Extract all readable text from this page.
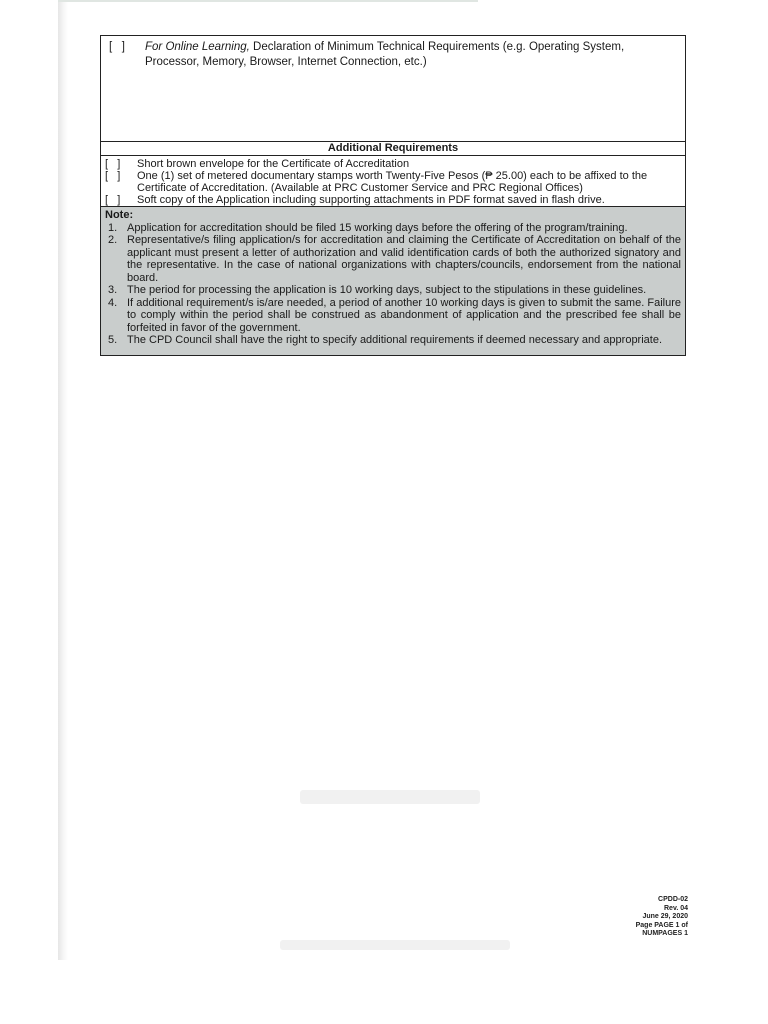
[   ]	For Online Learning, Declaration of Minimum Technical Requirements (e.g. Operating System, Processor, Memory, Browser, Internet Connection, etc.)
Additional Requirements
[   ]	Short brown envelope for the Certificate of Accreditation
[   ]	One (1) set of metered documentary stamps worth Twenty-Five Pesos (₱ 25.00) each to be affixed to the Certificate of Accreditation. (Available at PRC Customer Service and PRC Regional Offices)
[   ]	Soft copy of the Application including supporting attachments in PDF format saved in flash drive.
Note:
1. Application for accreditation should be filed 15 working days before the offering of the program/training.
2. Representative/s filing application/s for accreditation and claiming the Certificate of Accreditation on behalf of the applicant must present a letter of authorization and valid identification cards of both the authorized signatory and the representative. In the case of national organizations with chapters/councils, endorsement from the national board.
3. The period for processing the application is 10 working days, subject to the stipulations in these guidelines.
4. If additional requirement/s is/are needed, a period of another 10 working days is given to submit the same. Failure to comply within the period shall be construed as abandonment of application and the prescribed fee shall be forfeited in favor of the government.
5. The CPD Council shall have the right to specify additional requirements if deemed necessary and appropriate.
CPDD-02
Rev. 04
June 29, 2020
Page PAGE 1 of
NUMPAGES 1
